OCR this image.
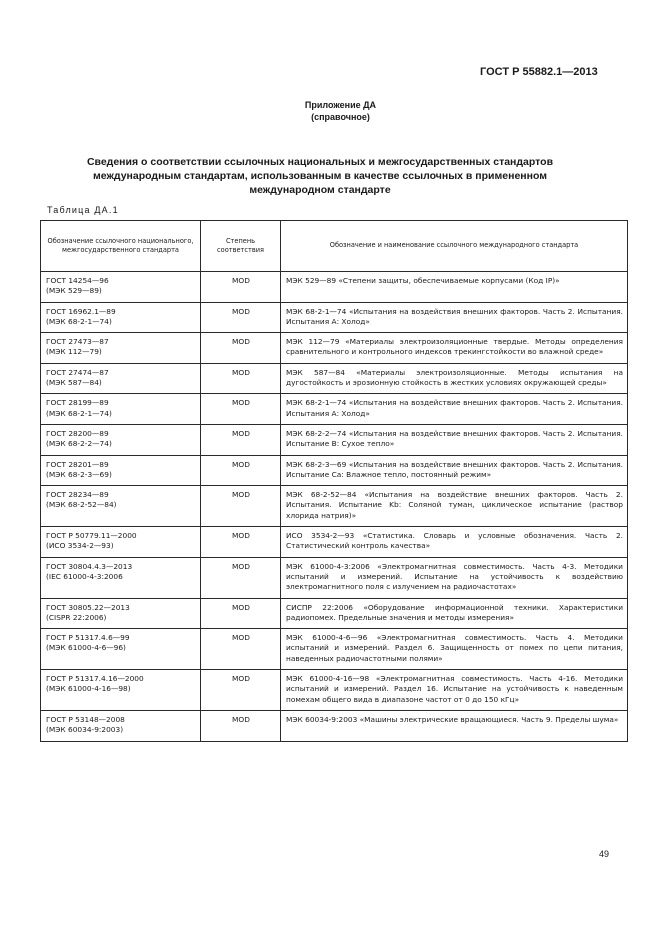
ГОСТ Р 55882.1—2013
Приложение ДА
(справочное)
Сведения о соответствии ссылочных национальных и межгосударственных стандартов международным стандартам, использованным в качестве ссылочных в примененном международном стандарте
Таблица ДА.1
Обозначение ссылочного национального, межгосударственного стандарта	Степень соответствия	Обозначение и наименование ссылочного международного стандарта
ГОСТ 14254—96
(МЭК 529—89)	MOD	МЭК 529—89 «Степени защиты, обеспечиваемые корпусами (Код IP)»
ГОСТ 16962.1—89
(МЭК 68-2-1—74)	MOD	МЭК 68-2-1—74 «Испытания на воздействия внешних факторов. Часть 2. Испытания. Испытания А: Холод»
ГОСТ 27473—87
(МЭК 112—79)	MOD	МЭК 112—79 «Материалы электроизоляционные твердые. Методы определения сравнительного и контрольного индексов трекингстойкости во влажной среде»
ГОСТ 27474—87
(МЭК 587—84)	MOD	МЭК 587—84 «Материалы электроизоляционные. Методы испытания на дугостойкость и эрозионную стойкость в жестких условиях окружающей среды»
ГОСТ 28199—89
(МЭК 68-2-1—74)	MOD	МЭК 68-2-1—74 «Испытания на воздействие внешних факторов. Часть 2. Испытания. Испытания А: Холод»
ГОСТ 28200—89
(МЭК 68-2-2—74)	MOD	МЭК 68-2-2—74 «Испытания на воздействие внешних факторов. Часть 2. Испытания. Испытание В: Сухое тепло»
ГОСТ 28201—89
(МЭК 68-2-3—69)	MOD	МЭК 68-2-3—69 «Испытания на воздействие внешних факторов. Часть 2. Испытания. Испытание Са: Влажное тепло, постоянный режим»
ГОСТ 28234—89
(МЭК 68-2-52—84)	MOD	МЭК 68-2-52—84 «Испытания на воздействие внешних факторов. Часть 2. Испытания. Испытание Kb: Соляной туман, циклическое испытание (раствор хлорида натрия)»
ГОСТ Р 50779.11—2000
(ИСО 3534-2—93)	MOD	ИСО 3534-2—93 «Статистика. Словарь и условные обозначения. Часть 2. Статистический контроль качества»
ГОСТ 30804.4.3—2013
(IEC 61000-4-3:2006	MOD	МЭК 61000-4-3:2006 «Электромагнитная совместимость. Часть 4-3. Методики испытаний и измерений. Испытание на устойчивость к воздействию электромагнитного поля с излучением на радиочастотах»
ГОСТ 30805.22—2013
(CISPR 22:2006)	MOD	СИСПР 22:2006 «Оборудование информационной техники. Характеристики радиопомех. Предельные значения и методы измерения»
ГОСТ Р 51317.4.6—99
(МЭК 61000-4-6—96)	MOD	МЭК 61000-4-6—96 «Электромагнитная совместимость. Часть 4. Методики испытаний и измерений. Раздел 6. Защищенность от помех по цепи питания, наведенных радиочастотными полями»
ГОСТ Р 51317.4.16—2000
(МЭК 61000-4-16—98)	MOD	МЭК 61000-4-16—98 «Электромагнитная совместимость. Часть 4-16. Методики испытаний и измерений. Раздел 16. Испытание на устойчивость к наведенным помехам общего вида в диапазоне частот от 0 до 150 кГц»
ГОСТ Р 53148—2008
(МЭК 60034-9:2003)	MOD	МЭК 60034-9:2003 «Машины электрические вращающиеся. Часть 9. Пределы шума»
49
